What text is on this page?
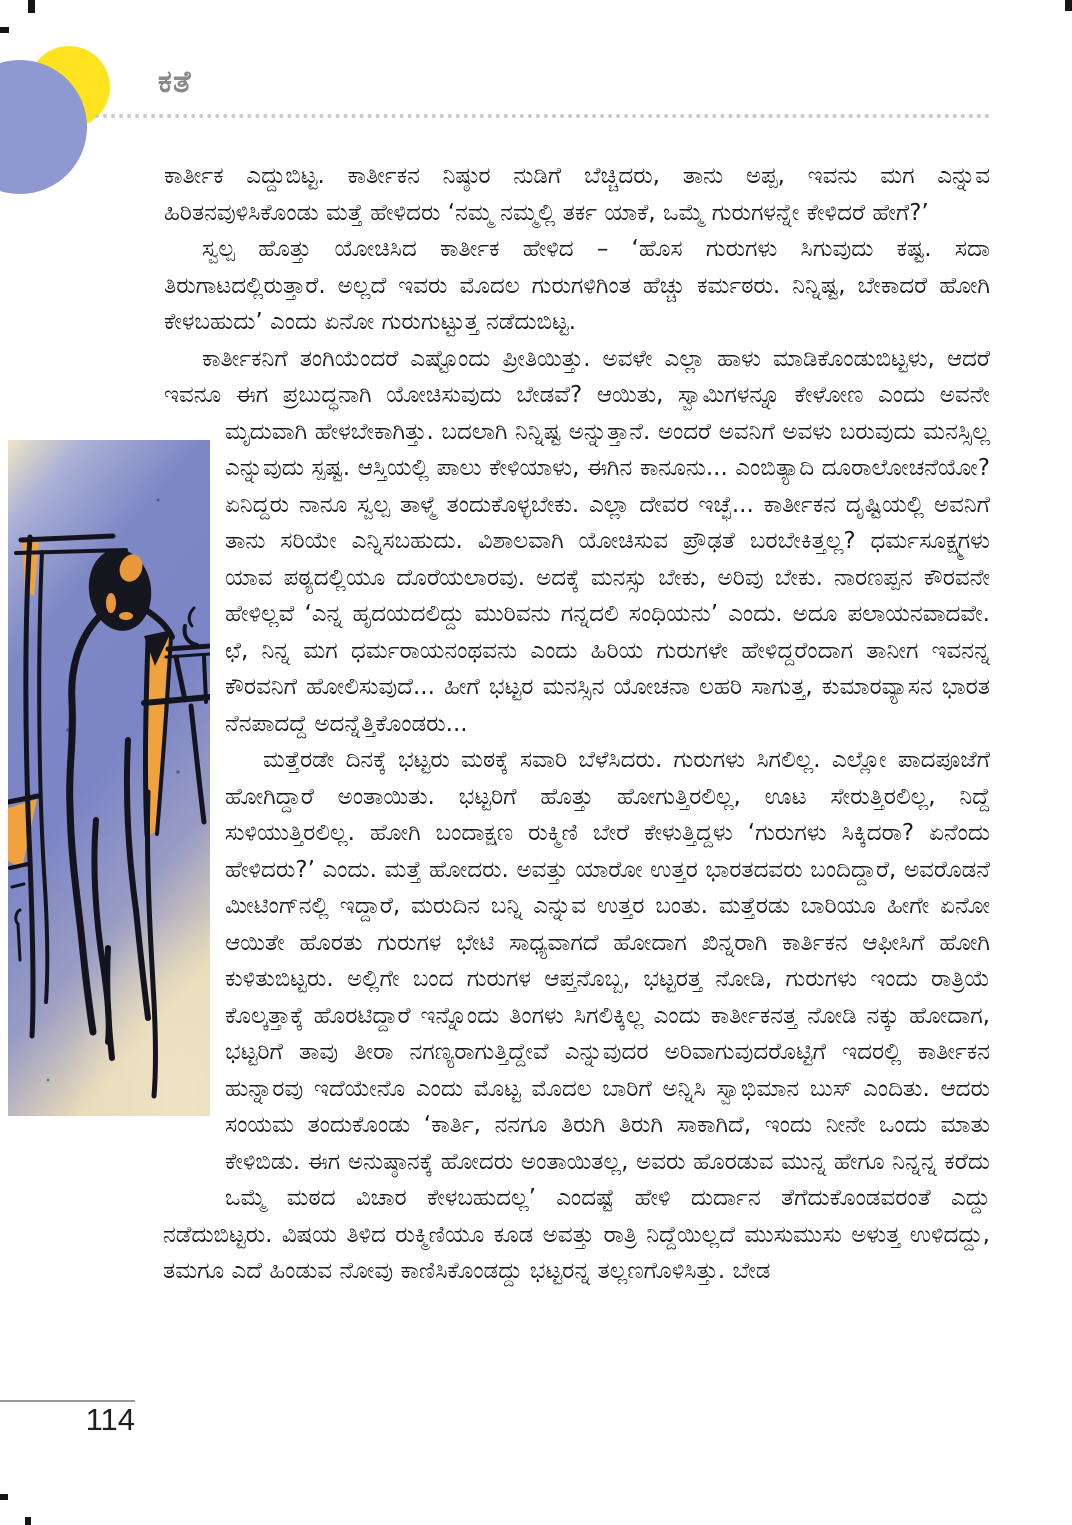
ಕತೆ

ಕಾರ್ತೀಕ ಎದ್ದುಬಿಟ್ಟ. ಕಾರ್ತೀಕನ ನಿಷ್ಠುರ ನುಡಿಗೆ ಬೆಚ್ಚಿದರು, ತಾನು ಅಪ್ಪ, ಇವನು ಮಗ ಎನ್ನುವ ಹಿರಿತನವುಳಿಸಿಕೊಂಡು ಮತ್ತೆ ಹೇಳಿದರು ‘ನಮ್ಮ ನಮ್ಮಲ್ಲಿ ತರ್ಕ ಯಾಕೆ, ಒಮ್ಮೆ ಗುರುಗಳನ್ನೇ ಕೇಳಿದರೆ ಹೇಗೆ?’

ಸ್ವಲ್ಪ ಹೊತ್ತು ಯೋಚಿಸಿದ ಕಾರ್ತೀಕ ಹೇಳಿದ – ‘ಹೊಸ ಗುರುಗಳು ಸಿಗುವುದು ಕಷ್ಟ. ಸದಾ ತಿರುಗಾಟದಲ್ಲಿರುತ್ತಾರೆ. ಅಲ್ಲದೆ ಇವರು ಮೊದಲ ಗುರುಗಳಿಗಿಂತ ಹೆಚ್ಚು ಕರ್ಮಠರು. ನಿನ್ನಿಷ್ಟ, ಬೇಕಾದರೆ ಹೋಗಿ ಕೇಳಬಹುದು’ ಎಂದು ಏನೋ ಗುರುಗುಟ್ಟುತ್ತ ನಡೆದುಬಿಟ್ಟ.

ಕಾರ್ತೀಕನಿಗೆ ತಂಗಿಯೆಂದರೆ ಎಷ್ಟೊಂದು ಪ್ರೀತಿಯಿತ್ತು. ಅವಳೇ ಎಲ್ಲಾ ಹಾಳು ಮಾಡಿಕೊಂಡುಬಿಟ್ಟಳು, ಆದರೆ ಇವನೂ ಈಗ ಪ್ರಬುದ್ಧನಾಗಿ ಯೋಚಿಸುವುದು ಬೇಡವೆ? ಆಯಿತು, ಸ್ವಾಮಿಗಳನ್ನೂ ಕೇಳೋಣ ಎಂದು ಅವನೇ ಮೃದುವಾಗಿ ಹೇಳಬೇಕಾಗಿತ್ತು. ಬದಲಾಗಿ ನಿನ್ನಿಷ್ಟ ಅನ್ನುತ್ತಾನೆ. ಅಂದರೆ ಅವನಿಗೆ ಅವಳು ಬರುವುದು ಮನಸ್ಸಿಲ್ಲ ಎನ್ನುವುದು ಸ್ಪಷ್ಟ. ಆಸ್ತಿಯಲ್ಲಿ ಪಾಲು ಕೇಳಿಯಾಳು, ಈಗಿನ ಕಾನೂನು... ಎಂಬಿತ್ಯಾದಿ ದೂರಾಲೋಚನೆಯೋ? ಏನಿದ್ದರು ನಾನೂ ಸ್ವಲ್ಪ ತಾಳ್ಮೆ ತಂದುಕೊಳ್ಳಬೇಕು. ಎಲ್ಲಾ ದೇವರ ಇಚ್ಛೆ... ಕಾರ್ತೀಕನ ದೃಷ್ಟಿಯಲ್ಲಿ ಅವನಿಗೆ ತಾನು ಸರಿಯೇ ಎನ್ನಿಸಬಹುದು. ವಿಶಾಲವಾಗಿ ಯೋಚಿಸುವ ಪ್ರೌಢತೆ ಬರಬೇಕಿತ್ತಲ್ಲ? ಧರ್ಮಸೂಕ್ಷ್ಮಗಳು ಯಾವ ಪಠ್ಯದಲ್ಲಿಯೂ ದೊರೆಯಲಾರವು. ಅದಕ್ಕೆ ಮನಸ್ಸು ಬೇಕು, ಅರಿವು ಬೇಕು. ನಾರಣಪ್ಪನ ಕೌರವನೇ ಹೇಳಿಲ್ಲವೆ ‘ಎನ್ನ ಹೃದಯದಲಿದ್ದು ಮುರಿವನು ಗನ್ನದಲಿ ಸಂಧಿಯನು’ ಎಂದು. ಅದೂ ಪಲಾಯನವಾದವೇ. ಛೆ, ನಿನ್ನ ಮಗ ಧರ್ಮರಾಯನಂಥವನು ಎಂದು ಹಿರಿಯ ಗುರುಗಳೇ ಹೇಳಿದ್ದರೆಂದಾಗ ತಾನೀಗ ಇವನನ್ನ ಕೌರವನಿಗೆ ಹೋಲಿಸುವುದೆ... ಹೀಗೆ ಭಟ್ಟರ ಮನಸ್ಸಿನ ಯೋಚನಾ ಲಹರಿ ಸಾಗುತ್ತ, ಕುಮಾರವ್ಯಾಸನ ಭಾರತ ನೆನಪಾದದ್ದೆ ಅದನ್ನೆತ್ತಿಕೊಂಡರು...

ಮತ್ತೆರಡೇ ದಿನಕ್ಕೆ ಭಟ್ಟರು ಮಠಕ್ಕೆ ಸವಾರಿ ಬೆಳೆಸಿದರು. ಗುರುಗಳು ಸಿಗಲಿಲ್ಲ. ಎಲ್ಲೋ ಪಾದಪೂಜೆಗೆ ಹೋಗಿದ್ದಾರೆ ಅಂತಾಯಿತು. ಭಟ್ಟರಿಗೆ ಹೊತ್ತು ಹೋಗುತ್ತಿರಲಿಲ್ಲ, ಊಟ ಸೇರುತ್ತಿರಲಿಲ್ಲ, ನಿದ್ದೆ ಸುಳಿಯುತ್ತಿರಲಿಲ್ಲ. ಹೋಗಿ ಬಂದಾಕ್ಷಣ ರುಕ್ಮಿಣಿ ಬೇರೆ ಕೇಳುತ್ತಿದ್ದಳು ‘ಗುರುಗಳು ಸಿಕ್ಕಿದರಾ? ಏನೆಂದು ಹೇಳಿದರು?’ ಎಂದು. ಮತ್ತೆ ಹೋದರು. ಅವತ್ತು ಯಾರೋ ಉತ್ತರ ಭಾರತದವರು ಬಂದಿದ್ದಾರೆ, ಅವರೊಡನೆ ಮೀಟಿಂಗ್‌ನಲ್ಲಿ ಇದ್ದಾರೆ, ಮರುದಿನ ಬನ್ನಿ ಎನ್ನುವ ಉತ್ತರ ಬಂತು. ಮತ್ತೆರಡು ಬಾರಿಯೂ ಹೀಗೇ ಏನೋ ಆಯಿತೇ ಹೊರತು ಗುರುಗಳ ಭೇಟಿ ಸಾಧ್ಯವಾಗದೆ ಹೋದಾಗ ಖಿನ್ನರಾಗಿ ಕಾರ್ತಿಕನ ಆಫೀಸಿಗೆ ಹೋಗಿ ಕುಳಿತುಬಿಟ್ಟರು. ಅಲ್ಲಿಗೇ ಬಂದ ಗುರುಗಳ ಆಪ್ತನೊಬ್ಬ, ಭಟ್ಟರತ್ತ ನೋಡಿ, ಗುರುಗಳು ಇಂದು ರಾತ್ರಿಯೆ ಕೊಲ್ಕತ್ತಾಕ್ಕೆ ಹೊರಟಿದ್ದಾರೆ ಇನ್ನೊಂದು ತಿಂಗಳು ಸಿಗಲಿಕ್ಕಿಲ್ಲ ಎಂದು ಕಾರ್ತೀಕನತ್ತ ನೋಡಿ ನಕ್ಕು ಹೋದಾಗ, ಭಟ್ಟರಿಗೆ ತಾವು ತೀರಾ ನಗಣ್ಯರಾಗುತ್ತಿದ್ದೇವೆ ಎನ್ನುವುದರ ಅರಿವಾಗುವುದರೊಟ್ಟಿಗೆ ಇದರಲ್ಲಿ ಕಾರ್ತೀಕನ ಹುನ್ನಾರವು ಇದೆಯೇನೊ ಎಂದು ಮೊಟ್ಟ ಮೊದಲ ಬಾರಿಗೆ ಅನ್ನಿಸಿ ಸ್ವಾಭಿಮಾನ ಬುಸ್ ಎಂದಿತು. ಆದರು ಸಂಯಮ ತಂದುಕೊಂಡು ‘ಕಾರ್ತಿ, ನನಗೂ ತಿರುಗಿ ತಿರುಗಿ ಸಾಕಾಗಿದೆ, ಇಂದು ನೀನೇ ಒಂದು ಮಾತು ಕೇಳಿಬಿಡು. ಈಗ ಅನುಷ್ಠಾನಕ್ಕೆ ಹೋದರು ಅಂತಾಯಿತಲ್ಲ, ಅವರು ಹೊರಡುವ ಮುನ್ನ ಹೇಗೂ ನಿನ್ನನ್ನ ಕರೆದು ಒಮ್ಮೆ ಮಠದ ವಿಚಾರ ಕೇಳಬಹುದಲ್ಲ’ ಎಂದಷ್ಟೆ ಹೇಳಿ ದುರ್ದಾನ ತೆಗೆದುಕೊಂಡವರಂತೆ ಎದ್ದು ನಡೆದುಬಿಟ್ಟರು. ವಿಷಯ ತಿಳಿದ ರುಕ್ಮಿಣಿಯೂ ಕೂಡ ಅವತ್ತು ರಾತ್ರಿ ನಿದ್ದೆಯಿಲ್ಲದೆ ಮುಸುಮುಸು ಅಳುತ್ತ ಉಳಿದದ್ದು, ತಮಗೂ ಎದೆ ಹಿಂಡುವ ನೋವು ಕಾಣಿಸಿಕೊಂಡದ್ದು ಭಟ್ಟರನ್ನ ತಲ್ಲಣಗೊಳಿಸಿತ್ತು. ಬೇಡ

114
